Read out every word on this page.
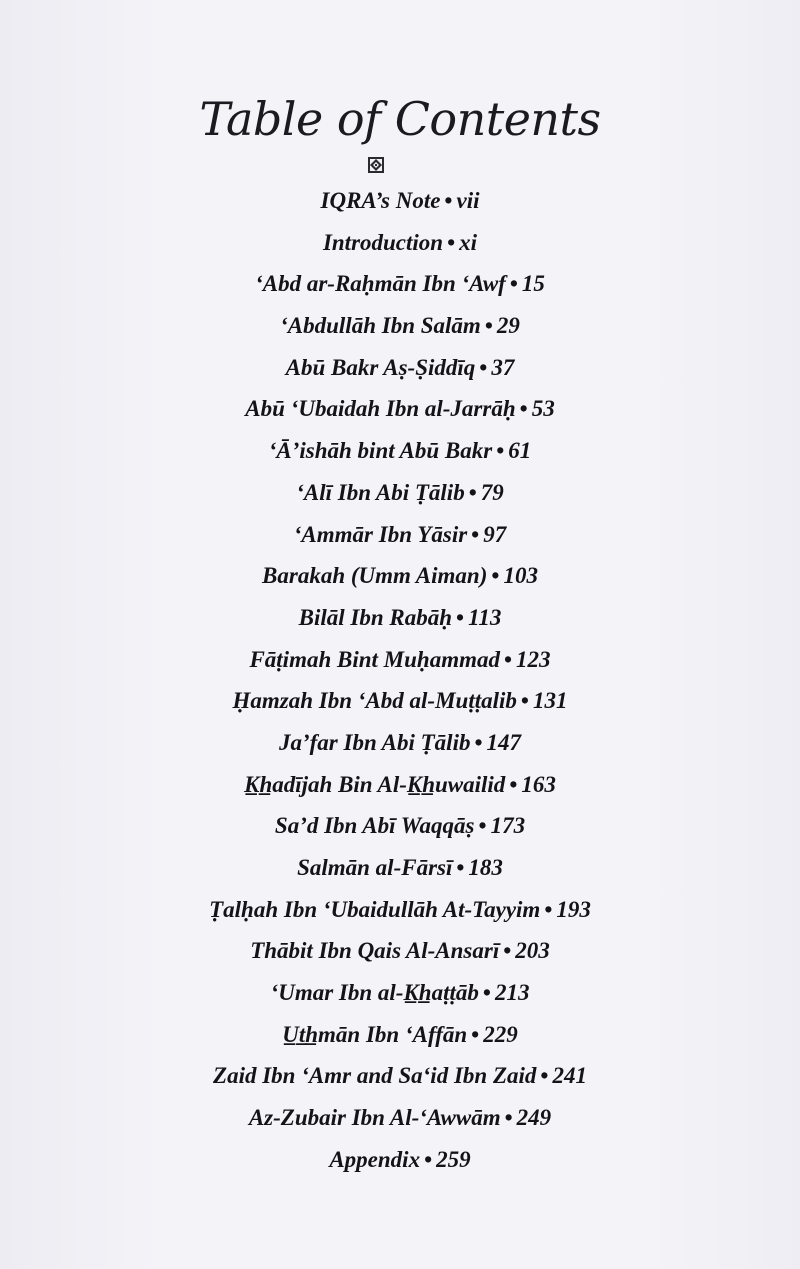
Table of Contents
IQRA’s Note • vii
Introduction • xi
‘Abd ar-Raḥmān Ibn ‘Awf • 15
‘Abdullāh Ibn Salām • 29
Abū Bakr Aṣ-Ṣiddīq • 37
Abū ‘Ubaidah Ibn al-Jarrāḥ • 53
‘Ā’ishāh bint Abū Bakr • 61
‘Alī Ibn Abi Ṭālib • 79
‘Ammār Ibn Yāsir • 97
Barakah (Umm Aiman) • 103
Bilāl Ibn Rabāḥ • 113
Fāṭimah Bint Muḥammad • 123
Ḥamzah Ibn ‘Abd al-Muṭṭalib • 131
Ja’far Ibn Abi Ṭālib • 147
K̲h̲adījah Bin Al-K̲h̲uwailid • 163
Sa’d Ibn Abī Waqqāṣ • 173
Salmān al-Fārsī • 183
Ṭalḥah Ibn ‘Ubaidullāh At-Tayyim • 193
Thābit Ibn Qais Al-Ansarī • 203
‘Umar Ibn al-K̲h̲aṭṭāb • 213
U̲t̲h̲mān Ibn ‘Affān • 229
Zaid Ibn ‘Amr and Sa‘id Ibn Zaid • 241
Az-Zubair Ibn Al-‘Awwām • 249
Appendix • 259
